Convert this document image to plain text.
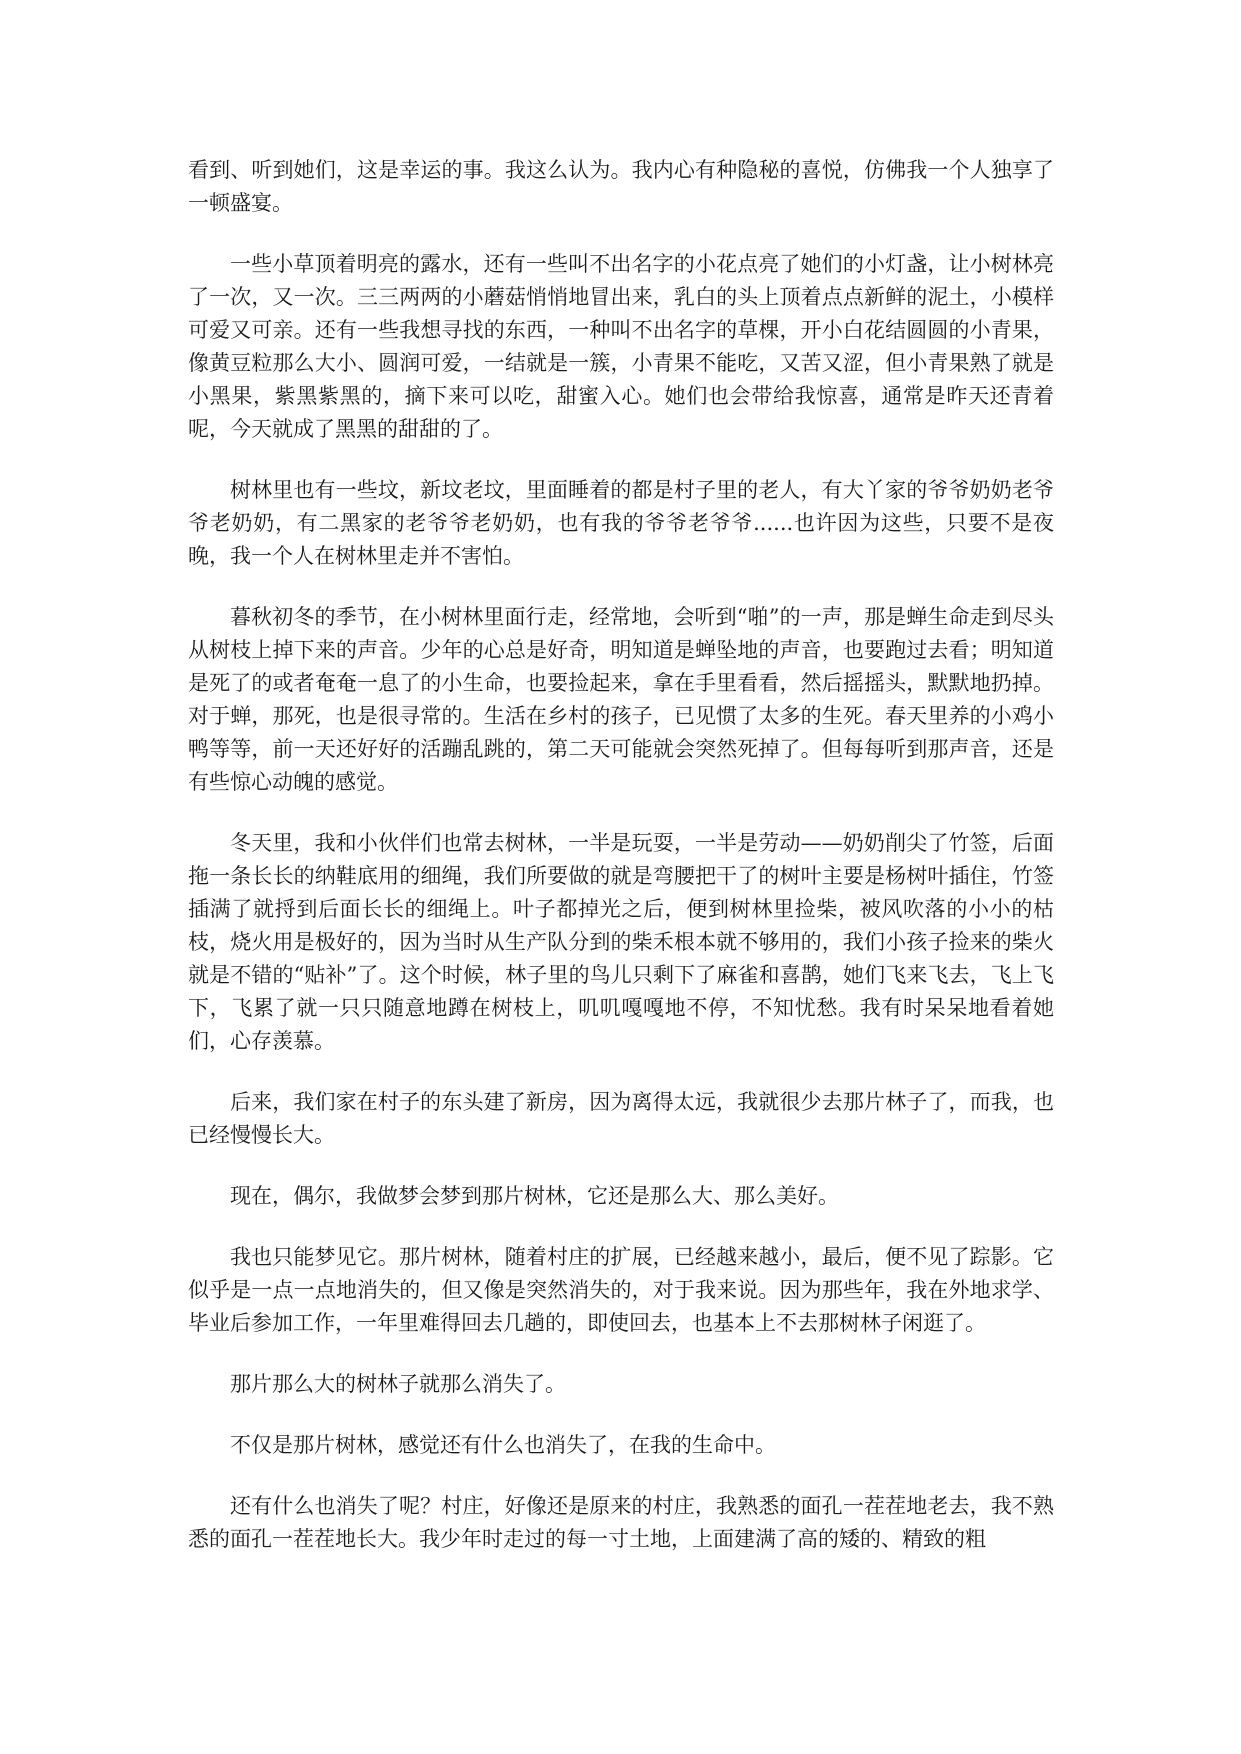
看到、听到她们，这是幸运的事。我这么认为。我内心有种隐秘的喜悦，仿佛我一个人独享了一顿盛宴。

一些小草顶着明亮的露水，还有一些叫不出名字的小花点亮了她们的小灯盏，让小树林亮了一次，又一次。三三两两的小蘑菇悄悄地冒出来，乳白的头上顶着点点新鲜的泥土，小模样可爱又可亲。还有一些我想寻找的东西，一种叫不出名字的草棵，开小白花结圆圆的小青果，像黄豆粒那么大小、圆润可爱，一结就是一簇，小青果不能吃，又苦又涩，但小青果熟了就是小黑果，紫黑紫黑的，摘下来可以吃，甜蜜入心。她们也会带给我惊喜，通常是昨天还青着呢，今天就成了黑黑的甜甜的了。

树林里也有一些坟，新坟老坟，里面睡着的都是村子里的老人，有大丫家的爷爷奶奶老爷爷老奶奶，有二黑家的老爷爷老奶奶，也有我的爷爷老爷爷......也许因为这些，只要不是夜晚，我一个人在树林里走并不害怕。

暮秋初冬的季节，在小树林里面行走，经常地，会听到“啪”的一声，那是蝉生命走到尽头从树枝上掉下来的声音。少年的心总是好奇，明知道是蝉坠地的声音，也要跑过去看；明知道是死了的或者奄奄一息了的小生命，也要捡起来，拿在手里看看，然后摇摇头，默默地扔掉。对于蝉，那死，也是很寻常的。生活在乡村的孩子，已见惯了太多的生死。春天里养的小鸡小鸭等等，前一天还好好的活蹦乱跳的，第二天可能就会突然死掉了。但每每听到那声音，还是有些惊心动魄的感觉。

冬天里，我和小伙伴们也常去树林，一半是玩耍，一半是劳动——奶奶削尖了竹签，后面拖一条长长的纳鞋底用的细绳，我们所要做的就是弯腰把干了的树叶主要是杨树叶插住，竹签插满了就捋到后面长长的细绳上。叶子都掉光之后，便到树林里捡柴，被风吹落的小小的枯枝，烧火用是极好的，因为当时从生产队分到的柴禾根本就不够用的，我们小孩子捡来的柴火就是不错的“贴补”了。这个时候，林子里的鸟儿只剩下了麻雀和喜鹊，她们飞来飞去，飞上飞下，飞累了就一只只随意地蹲在树枝上，叽叽嘎嘎地不停，不知忧愁。我有时呆呆地看着她们，心存羡慕。

后来，我们家在村子的东头建了新房，因为离得太远，我就很少去那片林子了，而我，也已经慢慢长大。

现在，偶尔，我做梦会梦到那片树林，它还是那么大、那么美好。

我也只能梦见它。那片树林，随着村庄的扩展，已经越来越小，最后，便不见了踪影。它似乎是一点一点地消失的，但又像是突然消失的，对于我来说。因为那些年，我在外地求学、毕业后参加工作，一年里难得回去几趟的，即使回去，也基本上不去那树林子闲逛了。

那片那么大的树林子就那么消失了。

不仅是那片树林，感觉还有什么也消失了，在我的生命中。

还有什么也消失了呢？村庄，好像还是原来的村庄，我熟悉的面孔一茬茬地老去，我不熟悉的面孔一茬茬地长大。我少年时走过的每一寸土地，上面建满了高的矮的、精致的粗
